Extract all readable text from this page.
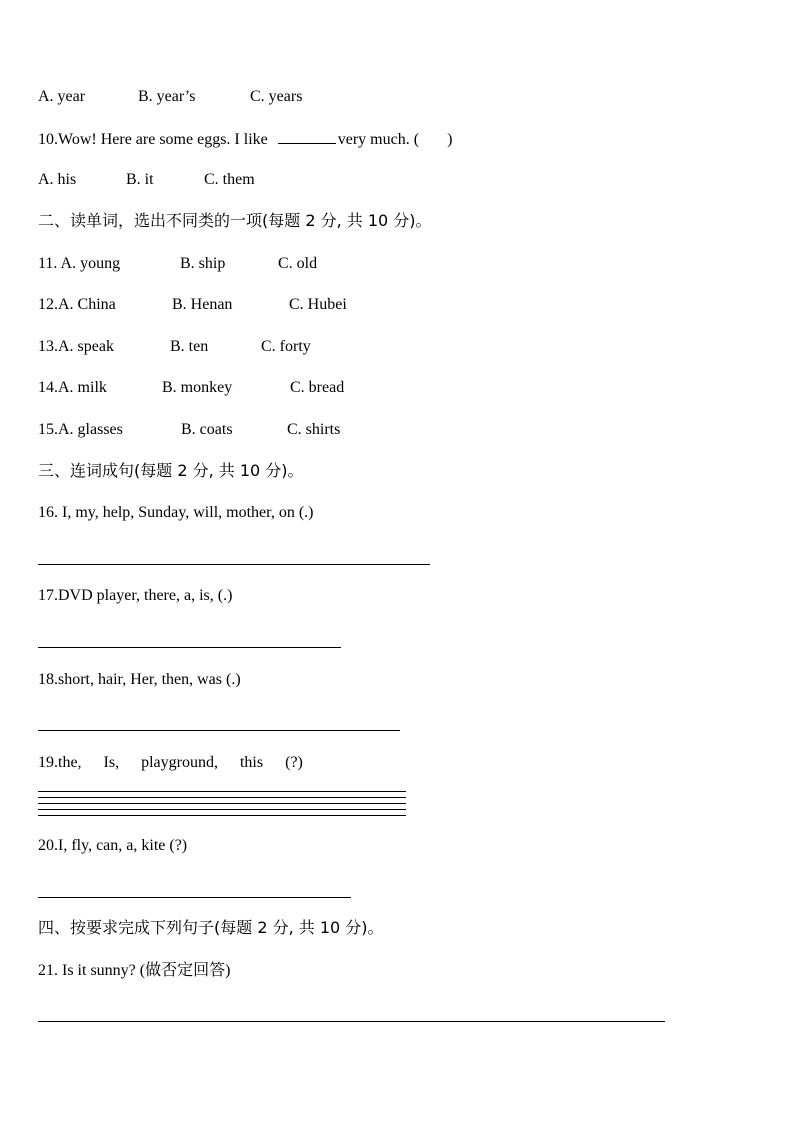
A. year	B. year’s	C. years
10.Wow! Here are some eggs. I like	very much. ( )
A. his	B. it	C. them
二、读单词，选出不同类的一项(每题 2 分, 共 10 分)。
11. A. young	B. ship	C. old
12.A. China	B. Henan	C. Hubei
13.A. speak	B. ten	C. forty
14.A. milk	B. monkey	C. bread
15.A. glasses	B. coats	C. shirts
三、连词成句(每题 2 分, 共 10 分)。
16. I, my, help, Sunday, will, mother, on (.)
17.DVD player, there, a, is, (.)
18.short, hair, Her, then, was (.)
19.the, Is, playground, this (?)
20.I, fly, can, a, kite (?)
四、按要求完成下列句子(每题 2 分, 共 10 分)。
21. Is it sunny? (做否定回答)
